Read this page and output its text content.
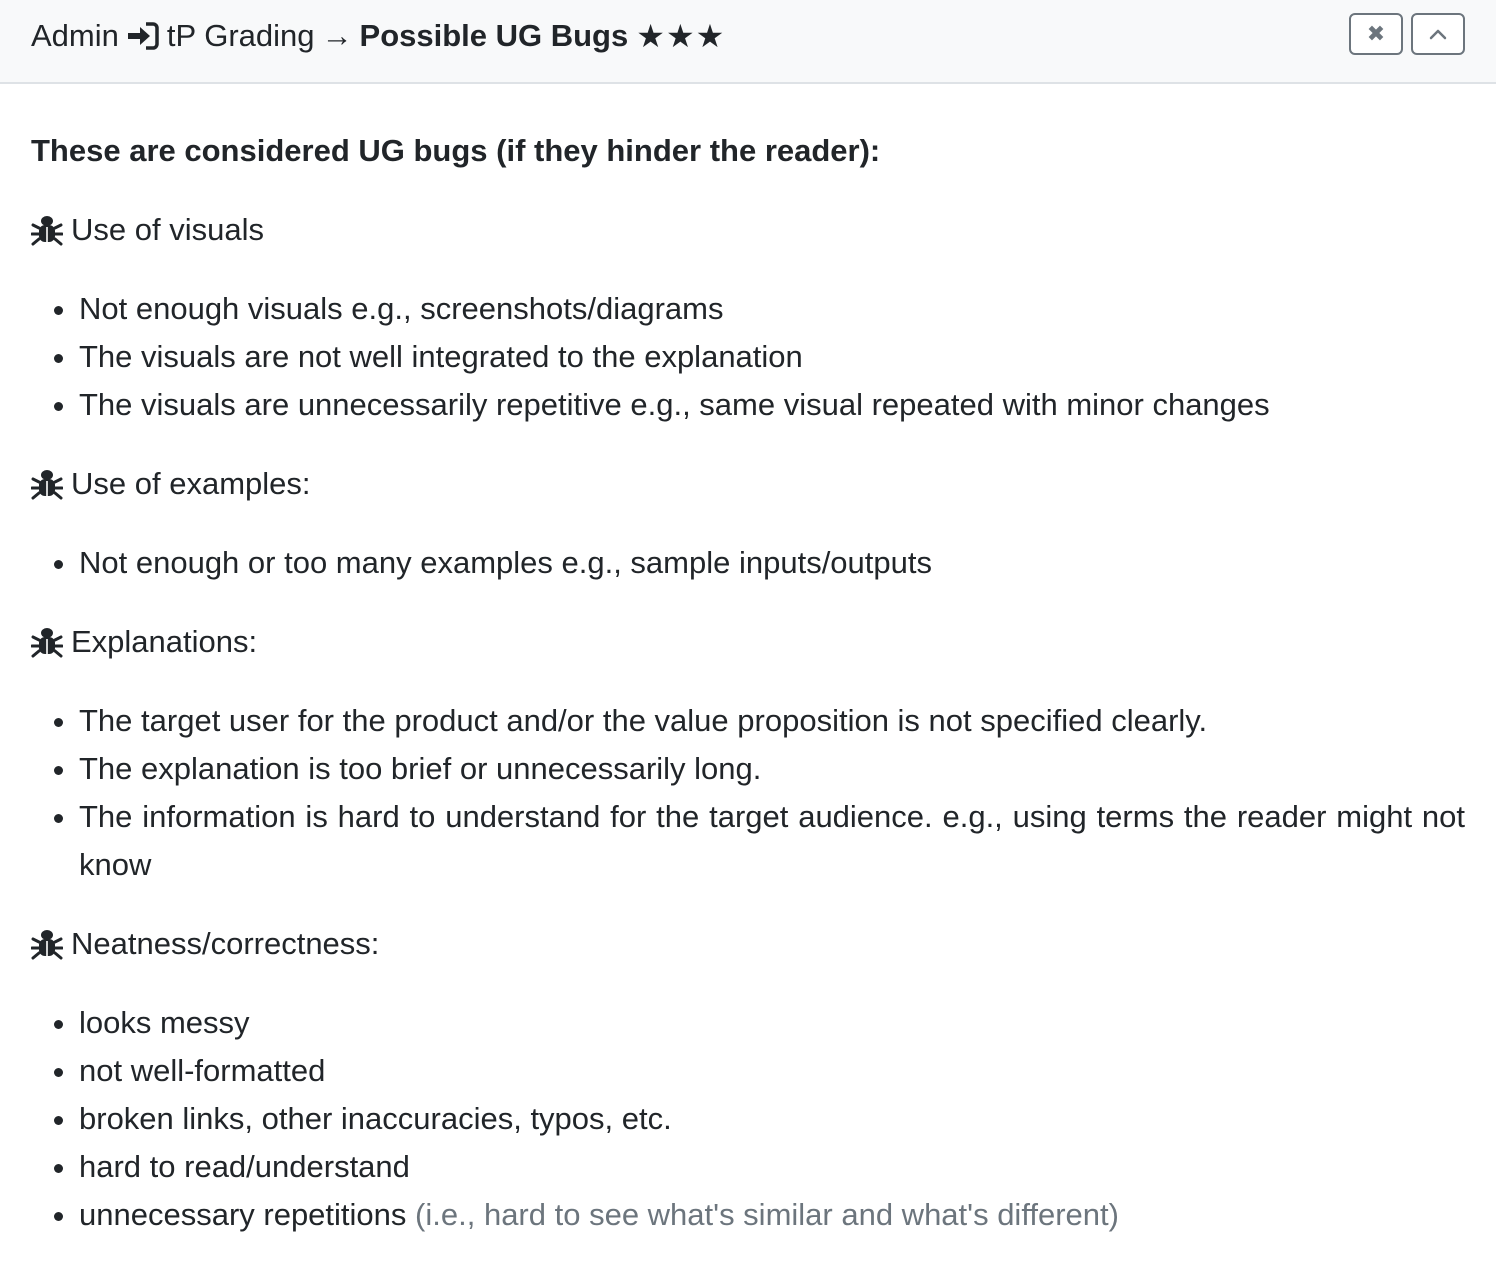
Admin tP Grading → Possible UG Bugs ★★★	✖

These are considered UG bugs (if they hinder the reader):

Use of visuals
• Not enough visuals e.g., screenshots/diagrams
• The visuals are not well integrated to the explanation
• The visuals are unnecessarily repetitive e.g., same visual repeated with minor changes
Use of examples:
• Not enough or too many examples e.g., sample inputs/outputs
Explanations:
• The target user for the product and/or the value proposition is not specified clearly.
• The explanation is too brief or unnecessarily long.
• The information is hard to understand for the target audience. e.g., using terms the reader might not know
Neatness/correctness:
• looks messy
• not well-formatted
• broken links, other inaccuracies, typos, etc.
• hard to read/understand
• unnecessary repetitions (i.e., hard to see what's similar and what's different)
